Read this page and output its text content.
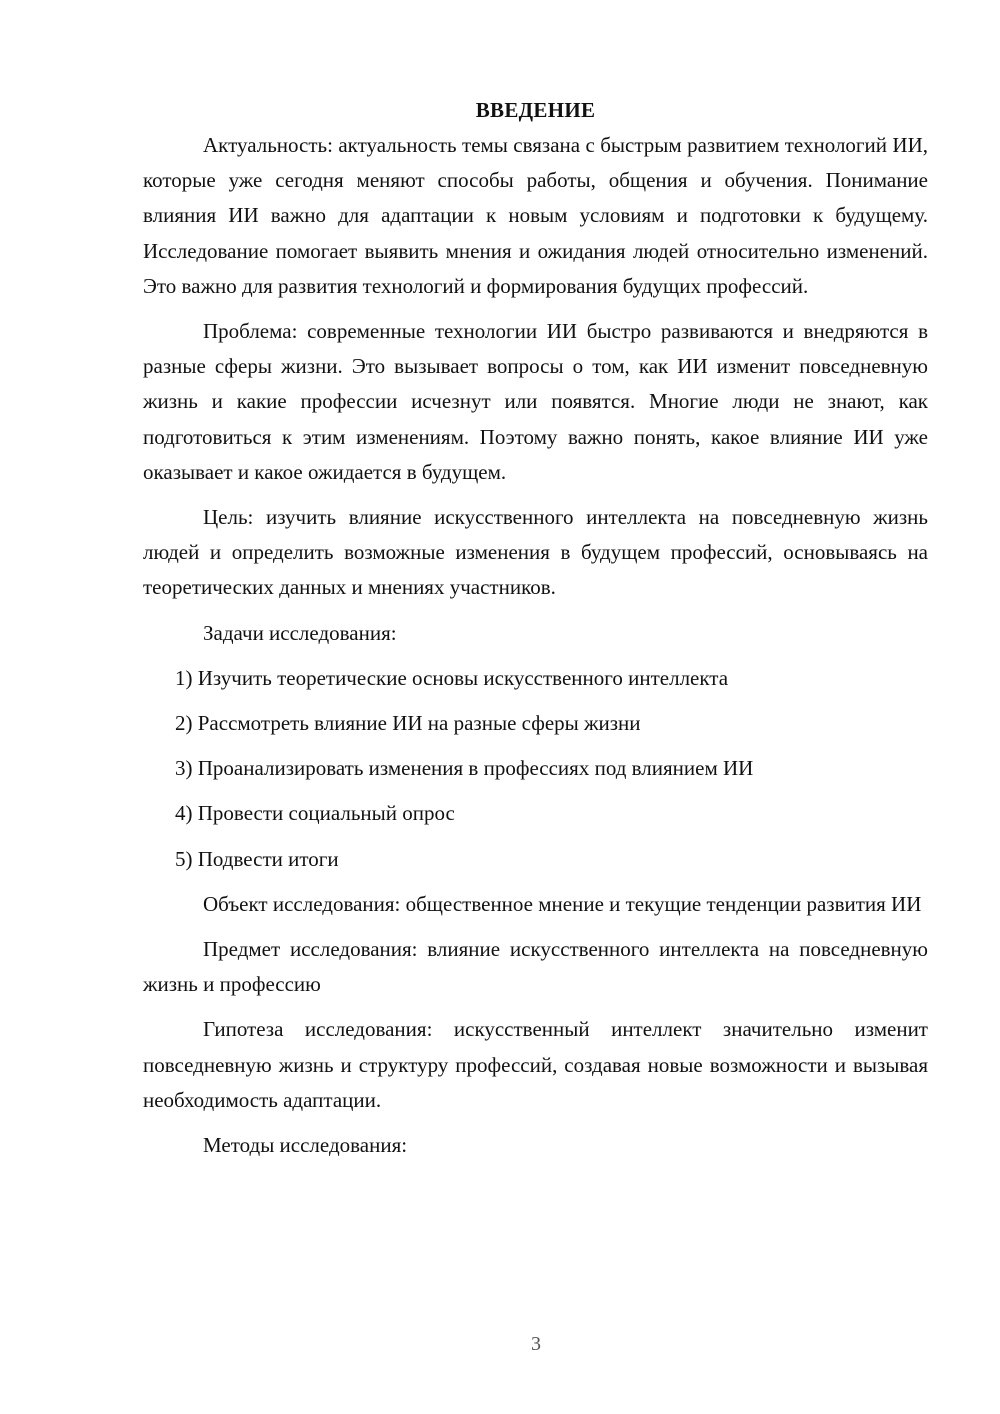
ВВЕДЕНИЕ

Актуальность: актуальность темы связана с быстрым развитием технологий ИИ, которые уже сегодня меняют способы работы, общения и обучения. Понимание влияния ИИ важно для адаптации к новым условиям и подготовки к будущему. Исследование помогает выявить мнения и ожидания людей относительно изменений. Это важно для развития технологий и формирования будущих профессий.

Проблема: современные технологии ИИ быстро развиваются и внедряются в разные сферы жизни. Это вызывает вопросы о том, как ИИ изменит повседневную жизнь и какие профессии исчезнут или появятся. Многие люди не знают, как подготовиться к этим изменениям. Поэтому важно понять, какое влияние ИИ уже оказывает и какое ожидается в будущем.

Цель: изучить влияние искусственного интеллекта на повседневную жизнь людей и определить возможные изменения в будущем профессий, основываясь на теоретических данных и мнениях участников.

Задачи исследования:

1) Изучить теоретические основы искусственного интеллекта
2) Рассмотреть влияние ИИ на разные сферы жизни
3) Проанализировать изменения в профессиях под влиянием ИИ
4) Провести социальный опрос
5) Подвести итоги

Объект исследования: общественное мнение и текущие тенденции развития ИИ

Предмет исследования: влияние искусственного интеллекта на повседневную жизнь и профессию

Гипотеза исследования: искусственный интеллект значительно изменит повседневную жизнь и структуру профессий, создавая новые возможности и вызывая необходимость адаптации.

Методы исследования:

3
